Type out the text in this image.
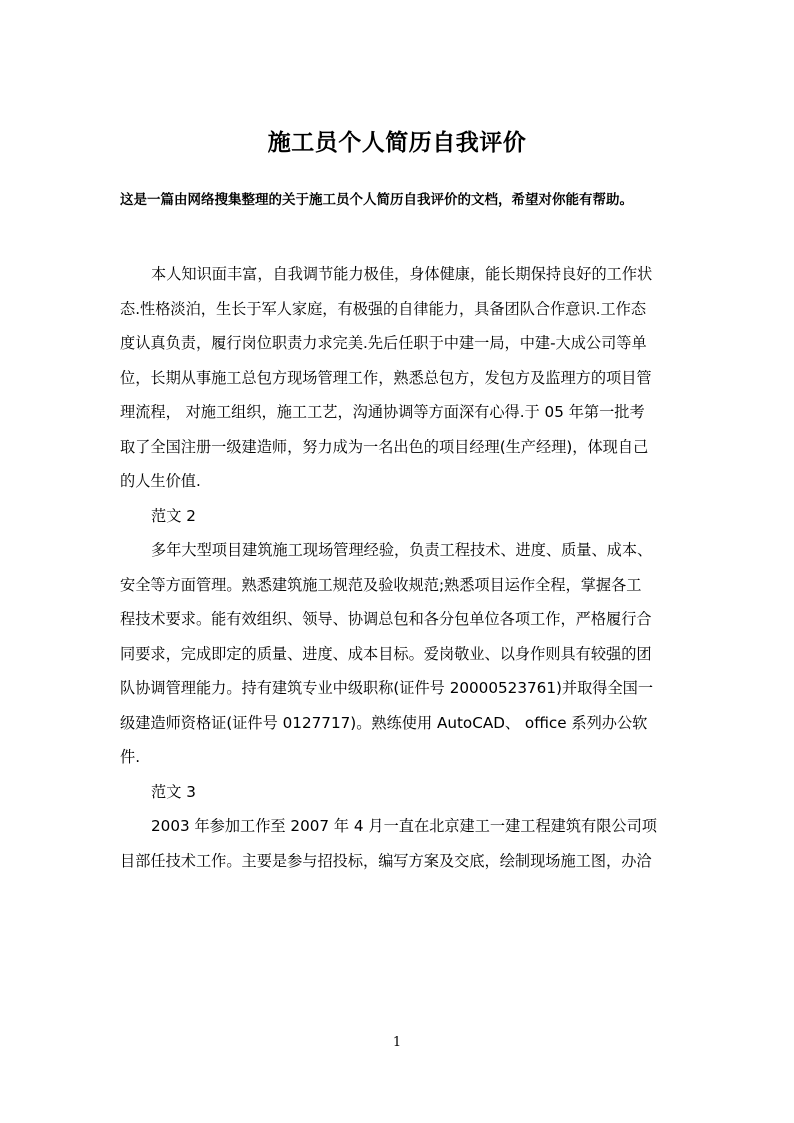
施工员个人简历自我评价
这是一篇由网络搜集整理的关于施工员个人简历自我评价的文档，希望对你能有帮助。
本人知识面丰富，自我调节能力极佳，身体健康，能长期保持良好的工作状
态.性格淡泊，生长于军人家庭，有极强的自律能力，具备团队合作意识.工作态
度认真负责，履行岗位职责力求完美.先后任职于中建一局，中建-大成公司等单
位，长期从事施工总包方现场管理工作，熟悉总包方，发包方及监理方的项目管
理流程， 对施工组织，施工工艺，沟通协调等方面深有心得.于 05 年第一批考
取了全国注册一级建造师，努力成为一名出色的项目经理(生产经理)，体现自己
的人生价值.
范文 2
多年大型项目建筑施工现场管理经验，负责工程技术、进度、质量、成本、
安全等方面管理。熟悉建筑施工规范及验收规范;熟悉项目运作全程，掌握各工
程技术要求。能有效组织、领导、协调总包和各分包单位各项工作，严格履行合
同要求，完成即定的质量、进度、成本目标。爱岗敬业、以身作则具有较强的团
队协调管理能力。持有建筑专业中级职称(证件号 20000523761)并取得全国一
级建造师资格证(证件号 0127717)。熟练使用 AutoCAD、 office 系列办公软
件.
范文 3
2003 年参加工作至 2007 年 4 月一直在北京建工一建工程建筑有限公司项
目部任技术工作。主要是参与招投标，编写方案及交底，绘制现场施工图，办洽
1
